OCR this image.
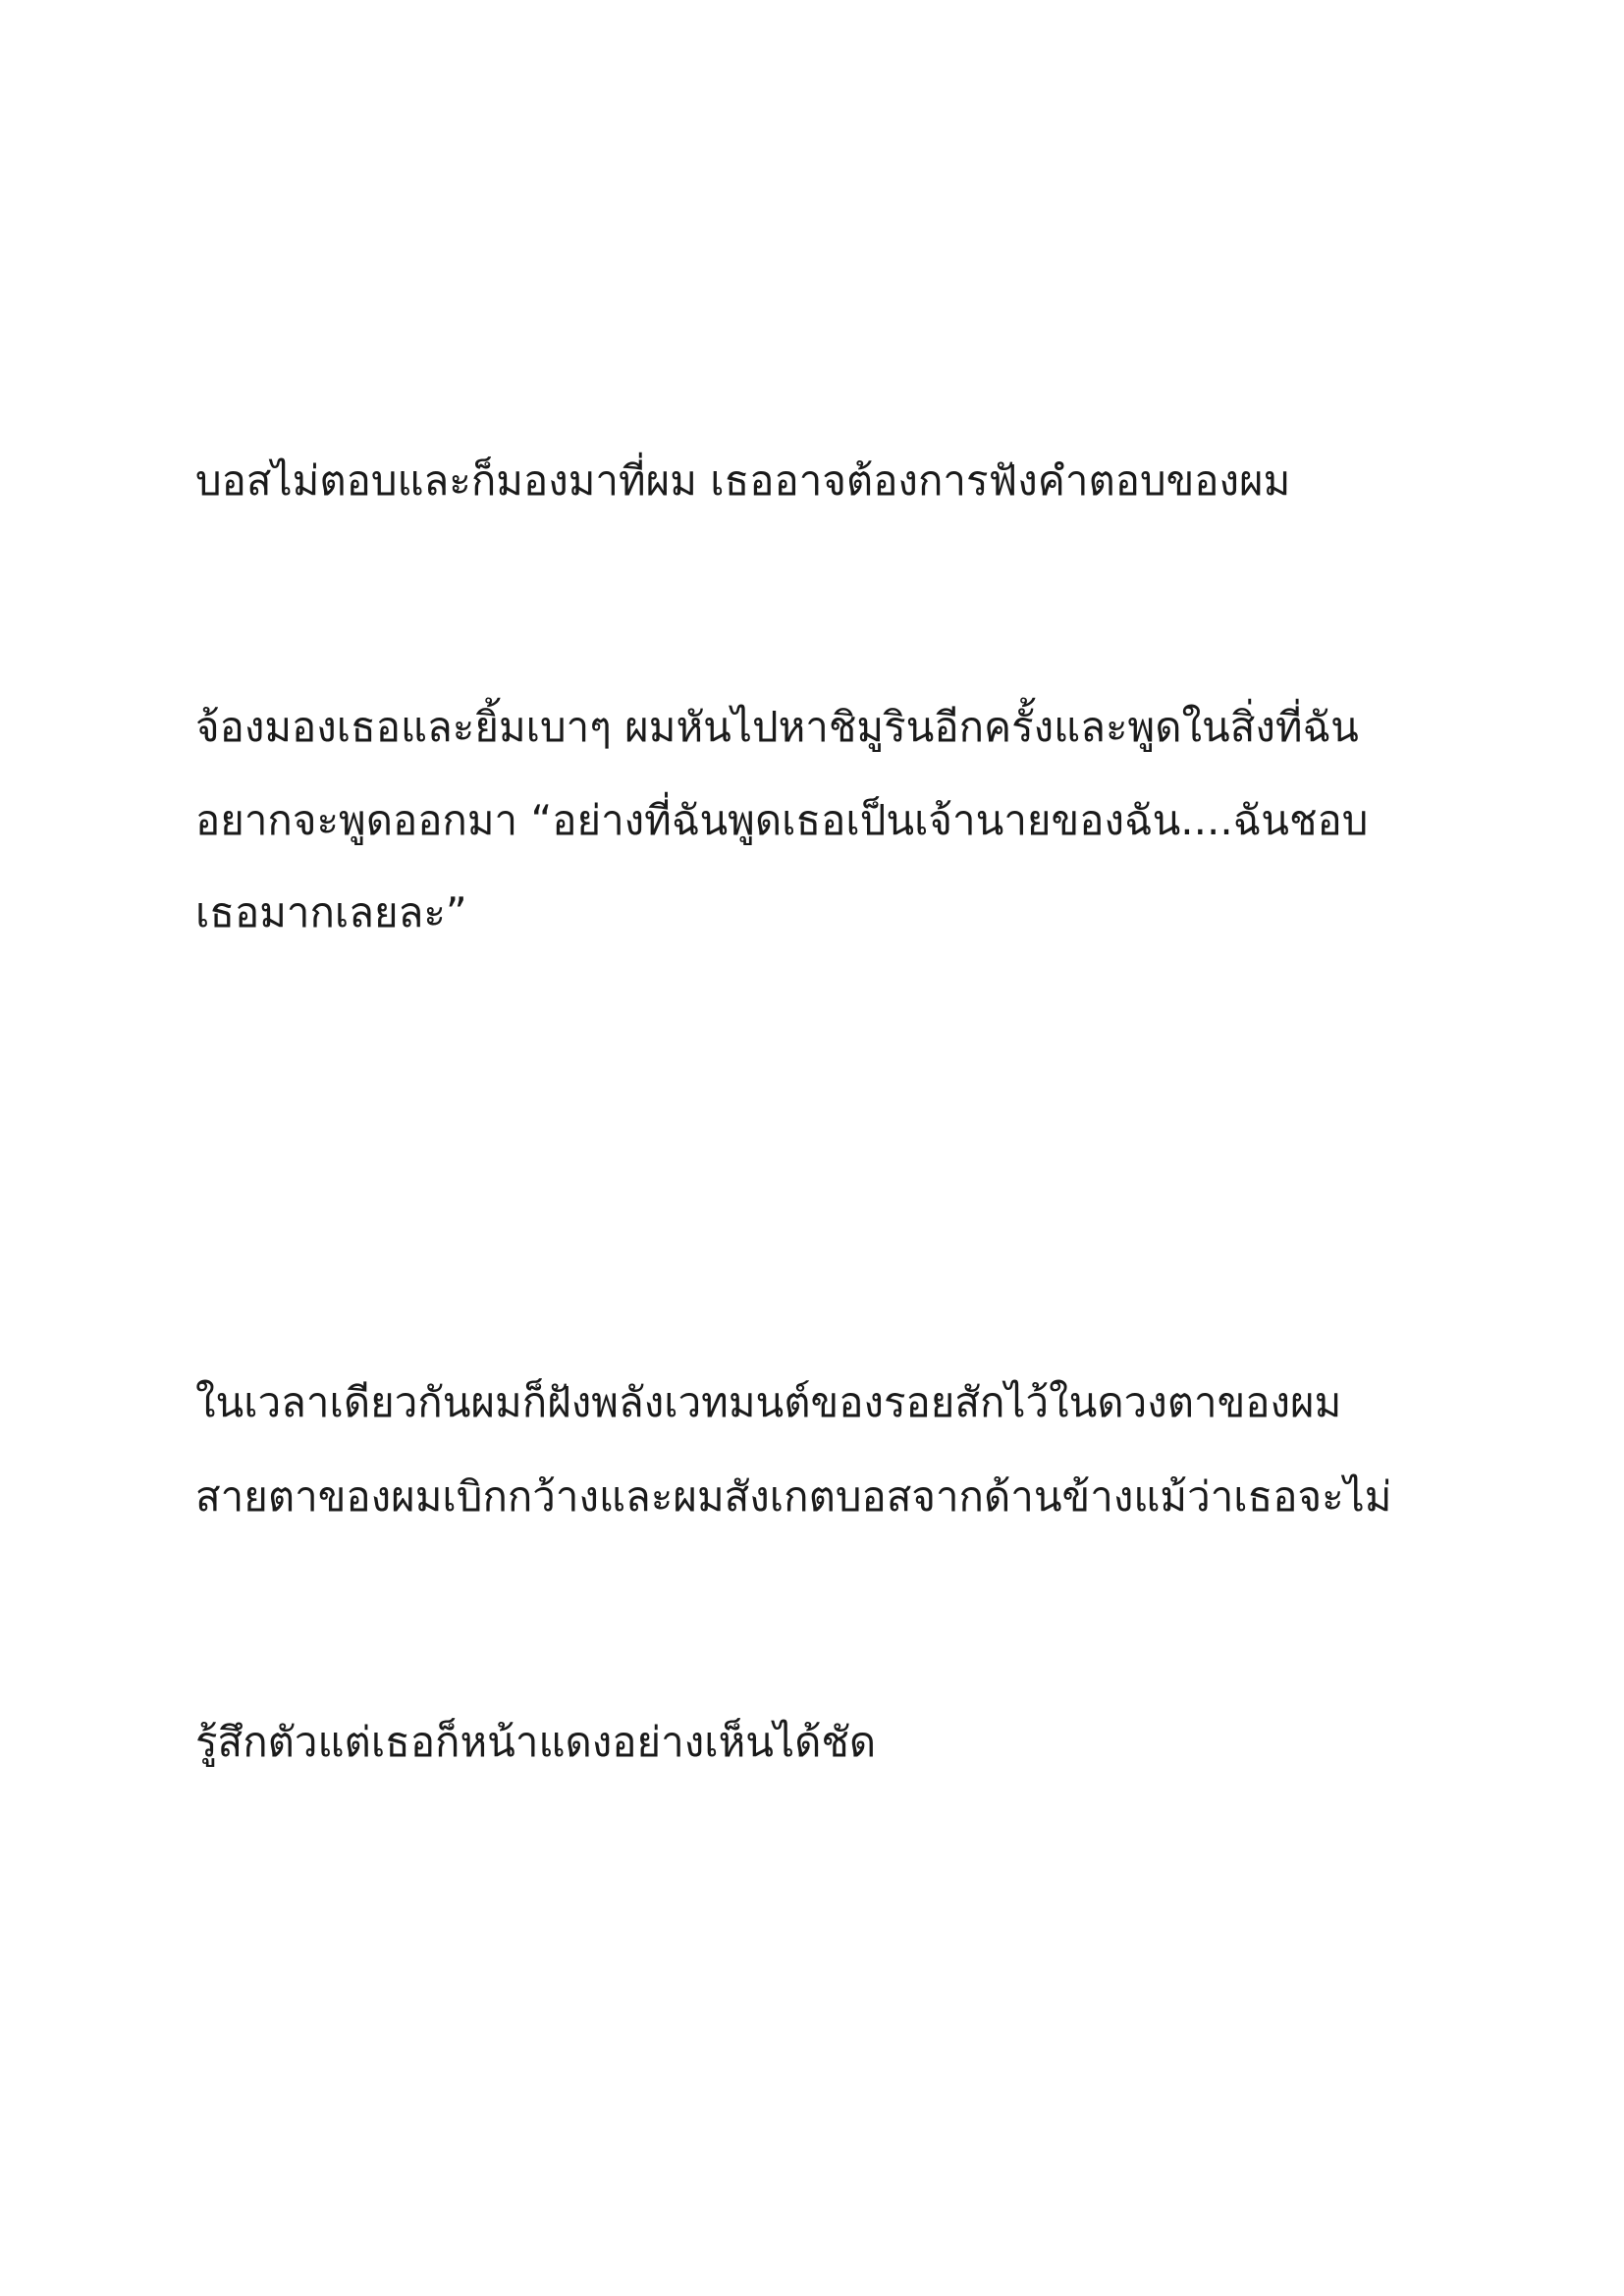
บอสไม่ตอบและก็มองมาที่ผม เธออาจต้องการฟังคำตอบของผม

จ้องมองเธอและยิ้มเบาๆ ผมหันไปหาชิมูรินอีกครั้งและพูดในสิ่งที่ฉัน

อยากจะพูดออกมา “อย่างที่ฉันพูดเธอเป็นเจ้านายของฉัน....ฉันชอบ

เธอมากเลยละ”

ในเวลาเดียวกันผมก็ฝังพลังเวทมนต์ของรอยสักไว้ในดวงตาของผม

สายตาของผมเบิกกว้างและผมสังเกตบอสจากด้านข้างแม้ว่าเธอจะไม่

รู้สึกตัวแต่เธอก็หน้าแดงอย่างเห็นได้ชัด
